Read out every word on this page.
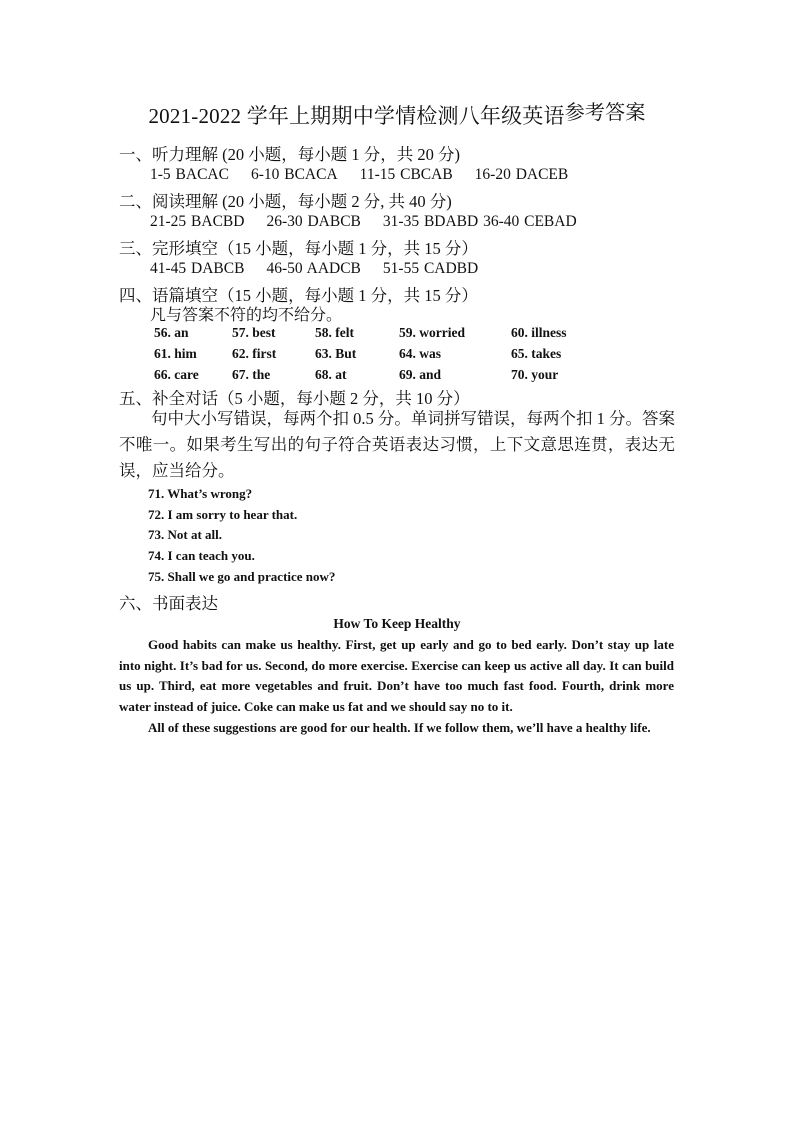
2021-2022 学年上期期中学情检测八年级英语参考答案
一、听力理解 (20 小题，每小题 1 分，共 20 分)
1-5 BACAC 6-10 BCACA 11-15 CBCAB 16-20 DACEB
二、阅读理解 (20 小题，每小题 2 分, 共 40 分)
21-25 BACBD 26-30 DABCB 31-35 BDABD 36-40 CEBAD
三、完形填空（15 小题，每小题 1 分，共 15 分）
41-45 DABCB 46-50 AADCB 51-55 CADBD
四、语篇填空（15 小题，每小题 1 分，共 15 分）
凡与答案不符的均不给分。
56. an	57. best	58. felt	59. worried	60. illness
61. him	62. first	63. But	64. was	65. takes
66. care 67. the	68. at	69. and	70. your
五、补全对话（5 小题，每小题 2 分，共 10 分）
句中大小写错误，每两个扣 0.5 分。单词拼写错误，每两个扣 1 分。答案不唯一。如果考生写出的句子符合英语表达习惯，上下文意思连贯，表达无误，应当给分。
71. What’s wrong?
72. I am sorry to hear that.
73. Not at all.
74. I can teach you.
75. Shall we go and practice now?
六、书面表达
How To Keep Healthy

Good habits can make us healthy. First, get up early and go to bed early. Don’t stay up late into night. It’s bad for us. Second, do more exercise. Exercise can keep us active all day. It can build us up. Third, eat more vegetables and fruit. Don’t have too much fast food. Fourth, drink more water instead of juice. Coke can make us fat and we should say no to it.

All of these suggestions are good for our health. If we follow them, we’ll have a healthy life.
